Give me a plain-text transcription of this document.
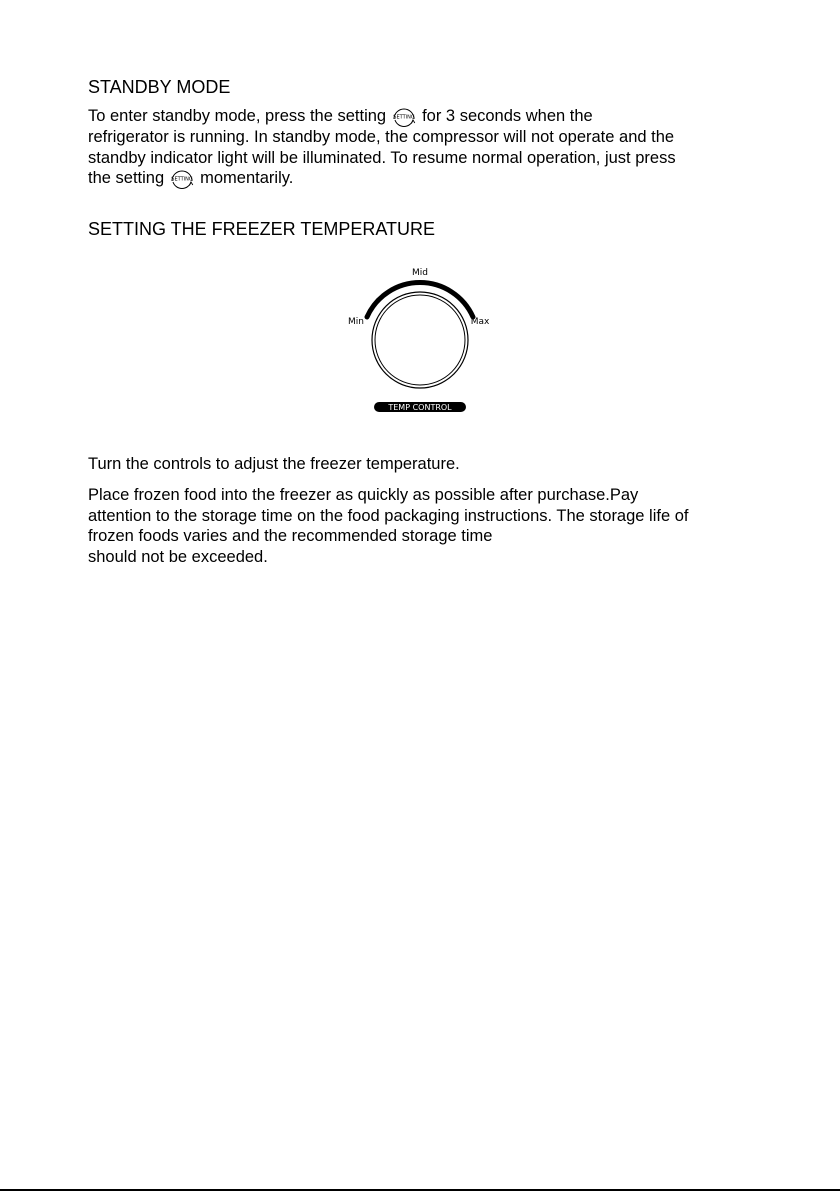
STANDBY MODE
To enter standby mode, press the setting SETTING for 3 seconds when the
refrigerator is running. In standby mode, the compressor will not operate and the
standby indicator light will be illuminated. To resume normal operation, just press
the setting SETTING momentarily.
SETTING THE FREEZER TEMPERATURE
Mid
Min	Max
TEMP CONTROL
Turn the controls to adjust the freezer temperature.
Place frozen food into the freezer as quickly as possible after purchase.Pay
attention to the storage time on the food packaging instructions. The storage life of
frozen foods varies and the recommended storage time
should not be exceeded.
